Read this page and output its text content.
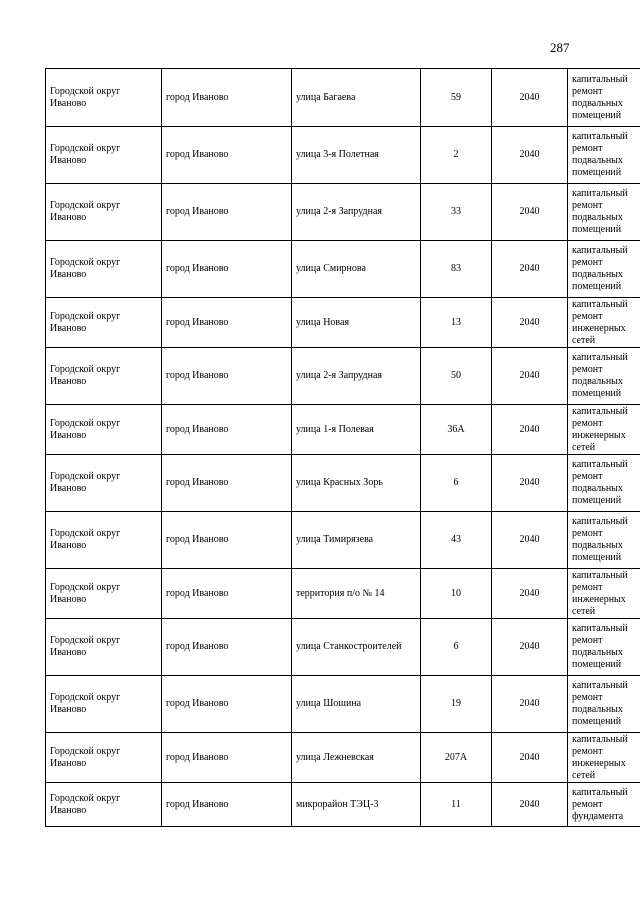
287
Городской округ Иваново	город Иваново	улица Багаева	59	2040	капитальный ремонт подвальных помещений
Городской округ Иваново	город Иваново	улица 3-я Полетная	2	2040	капитальный ремонт подвальных помещений
Городской округ Иваново	город Иваново	улица 2-я Запрудная	33	2040	капитальный ремонт подвальных помещений
Городской округ Иваново	город Иваново	улица Смирнова	83	2040	капитальный ремонт подвальных помещений
Городской округ Иваново	город Иваново	улица Новая	13	2040	капитальный ремонт инженерных сетей
Городской округ Иваново	город Иваново	улица 2-я Запрудная	50	2040	капитальный ремонт подвальных помещений
Городской округ Иваново	город Иваново	улица 1-я Полевая	36А	2040	капитальный ремонт инженерных сетей
Городской округ Иваново	город Иваново	улица Красных Зорь	6	2040	капитальный ремонт подвальных помещений
Городской округ Иваново	город Иваново	улица Тимирязева	43	2040	капитальный ремонт подвальных помещений
Городской округ Иваново	город Иваново	территория п/о № 14	10	2040	капитальный ремонт инженерных сетей
Городской округ Иваново	город Иваново	улица Станкостроителей	6	2040	капитальный ремонт подвальных помещений
Городской округ Иваново	город Иваново	улица Шошина	19	2040	капитальный ремонт подвальных помещений
Городской округ Иваново	город Иваново	улица Лежневская	207А	2040	капитальный ремонт инженерных сетей
Городской округ Иваново	город Иваново	микрорайон ТЭЦ-3	11	2040	капитальный ремонт фундамента
